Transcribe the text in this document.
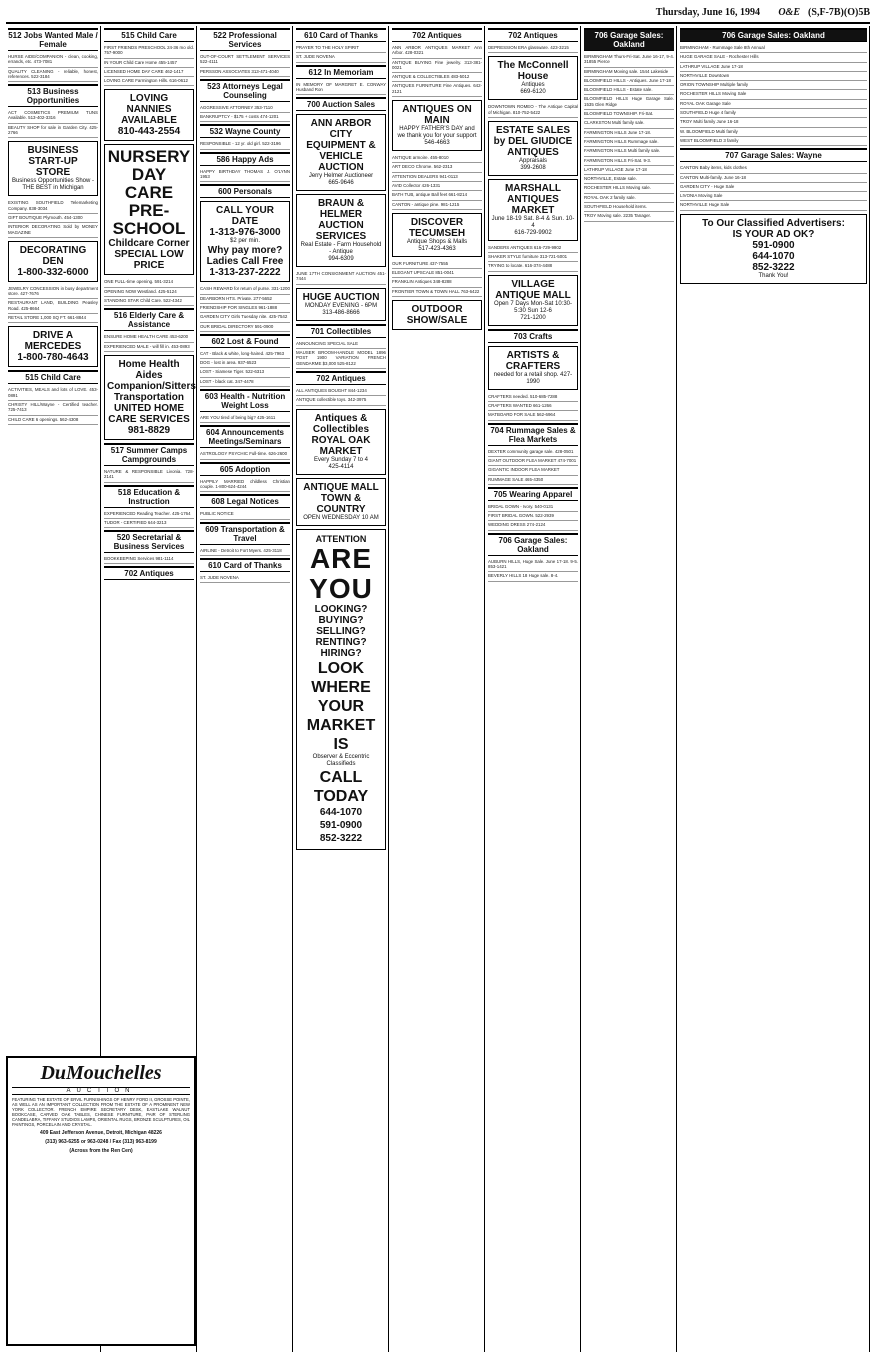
Thursday, June 16, 1994 O&E (S,F-7B)(O)5B
512 Jobs Wanted Male / Female
HURSE AIDE/COMPANION - clean, cooking, errands, etc. 473-7081
QUALITY CLEANING - reliable, honest, references. 522-3184
513 Business Opportunities
ACT COSMETICS PREMIUM TUNS Available. 513-402-3316
BEAUTY SHOP for sale in Garden City. 425-2766
BUSINESS START-UP STORE
Business Opportunities Show - THE BEST in Michigan
EXISTING SOUTHFIELD Telemarketing Company. 838-3034
GIFT BOUTIQUE Plymouth. 454-1300
INTERIOR DECORATING Sold by MONEY MAGAZINE
DECORATING DEN
1-800-332-6000
JEWELRY CONCESSION in busy department store. 427-7676
RESTAURANT LAND, BUILDING Peasley Road. 425-8664
RETAIL STORE 1,000 SQ FT. 661-8844
DRIVE A MERCEDES
1-800-780-4643
515 Child Care
ACTIVITIES, MEALS and lots of LOVE. 453-0891
CHRISTY HILL/Wayne - Certified teacher. 725-7413
CHILD CARE 6 openings. 562-4308
515 Child Care
FIRST FRIENDS PRESCHOOL 24-36 mo old. 757-9000
IN YOUR Child Care Home 455-1457
LICENSED HOME DAY CARE 462-1417
LOVING CARE Farmington Hills. 616-0612
LOVING NANNIES AVAILABLE
810-443-2554
NURSERY DAY CARE PRE-SCHOOL
Childcare Corner
SPECIAL LOW PRICE
ONE FULL-time opening. 591-3214
OPENING NOW Westland. 425-5124
STANDING STAR Child Care. 522-4342
516 Elderly Care & Assistance
ENSURE HOME HEALTH CARE 453-6200
EXPERIENCED MALE - will fill in. 453-0893
Home Health Aides Companion/Sitters Transportation
UNITED HOME CARE SERVICES
981-8829
517 Summer Camps Campgrounds
NATURE & RESPONSIBLE Livonia. 728-2141
518 Education & Instruction
EXPERIENCED Reading Teacher. 425-1764
TUDOR - CERTIFIED 644-3213
520 Secretarial & Business Services
BOOKKEEPING Services 981-1114
702 Antiques
522 Professional Services
OUT-OF-COURT SETTLEMENT SERVICES 522-4111
PERSSON ASSOCIATES 313-471-4040
523 Attorneys Legal Counseling
AGGRESSIVE ATTORNEY 353-7110
BANKRUPTCY - $175 + costs 474-1201
532 Wayne County
RESPONSIBLE - 12 yr. old girl. 522-3196
586 Happy Ads
HAPPY BIRTHDAY THOMAS J. O'LYNN 1953
600 Personals
CALL YOUR DATE
1-313-976-3000
$2 per min.
Why pay more?
Ladies Call Free
1-313-237-2222
CASH REWARD for return of purse. 331-1200
DEARBORN HTS. Private. 277-5652
FRIENDSHIP FOR SINGLES 961-1888
GARDEN CITY Girls Tuesday nite. 425-7542
OUR BRIDAL DIRECTORY 591-0900
602 Lost & Found
CAT - Black & white, long-haired. 425-7963
DOG - lost in area. 937-6523
LOST - Siamese Tiger. 522-6313
LOST - black cat. 347-4478
603 Health - Nutrition Weight Loss
ARE YOU tired of being big? 425-1611
604 Announcements Meetings/Seminars
ASTROLOGY PSYCHIC Full-time. 626-2600
605 Adoption
HAPPILY MARRIED childless Christian couple. 1-800-624-4244
608 Legal Notices
PUBLIC NOTICE
609 Transportation & Travel
AIRLINE - Detroit to Fort Myers. 425-3118
610 Card of Thanks
ST. JUDE NOVENA
610 Card of Thanks
PRAYER TO THE HOLY SPIRIT
ST. JUDE NOVENA
612 In Memoriam
IN MEMORY OF MARGRET E. CONWAY Husband Ron
700 Auction Sales
ANN ARBOR CITY EQUIPMENT & VEHICLE AUCTION
Jerry Helmer Auctioneer
665-9646
BRAUN & HELMER AUCTION SERVICES
Real Estate - Farm Household - Antique
994-6309
JUNE 17TH CONSIGNMENT AUCTION 451-7444
HUGE AUCTION
MONDAY EVENING - 6PM
313-486-8666
701 Collectibles
ANNOUNCING SPECIAL SALE
MAUSER BROOM-HANDLE MODEL 1896 POST 1900 VARIATION FRENCH GENDARME $3,000 525-8122
702 Antiques
ALL ANTIQUES BOUGHT 844-1234
ANTIQUE collectible toys. 342-3975
Antiques & Collectibles ROYAL OAK MARKET
Every Sunday 7 to 4
425-4114
ANTIQUE MALL TOWN & COUNTRY
OPEN WEDNESDAY 10 AM
ATTENTION
ARE
YOU
LOOKING?
BUYING?
SELLING?
RENTING?
HIRING?
LOOK
WHERE
YOUR
MARKET
IS
Observer & Eccentric Classifieds
CALL
TODAY
644-1070
591-0900
852-3222
702 Antiques
ANN ARBOR ANTIQUES MARKET Ann Arbor. 428-0321
ANTIQUE BUYING Fine jewelry. 313-381-0021
ANTIQUE & COLLECTIBLES 483-5012
ANTIQUES FURNITURE Fine Antiques. 642-2121
ANTIQUES ON MAIN
HAPPY FATHER'S DAY and we thank you for your support
546-4663
ANTIQUE armoire. 455-8010
ART DECO Chrome. 562-2313
ATTENTION DEALERS 941-0113
AVID Collector 426-1331
BATH TUB, antique Ball feet 661-8214
CANTON - antique pine. 981-1215
DISCOVER TECUMSEH
Antique Shops & Malls
517-423-4363
OUR FURNITURE 437-7555
ELEGANT UPSCALE 851-0041
FRANKLIN Antiques 348-8288
FRONTIER TOWN & TOWN HALL 763-6422
OUTDOOR SHOW/SALE
702 Antiques
DEPRESSION ERA glassware. 423-3215
The McConnell House
Antiques
669-6120
DOWNTOWN ROMEO - The Antique Capital of Michigan. 810-752-5422
ESTATE SALES by DEL GIUDICE ANTIQUES
Appraisals
399-2608
MARSHALL ANTIQUES MARKET
June 18-19 Sat. 8-4 & Sun. 10-4
616-729-9902
SANDERS ANTIQUES 616-729-9902
SHAKER STYLE furniture 313-721-5001
TRYING to locate. 616-374-4488
VILLAGE ANTIQUE MALL
Open 7 Days Mon-Sat 10:30-5:30 Sun 12-6
721-1200
703 Crafts
ARTISTS & CRAFTERS
needed for a retail shop. 427-1990
CRAFTERS needed. 510-685-7288
CRAFTERS WANTED 661-1266
MATBOARD FOR SALE 562-6964
704 Rummage Sales & Flea Markets
DEXTER community garage sale. 428-0501
GIANT OUTDOOR FLEA MARKET 474-7001
GIGANTIC INDOOR FLEA MARKET
RUMMAGE SALE 465-4350
705 Wearing Apparel
BRIDAL GOWN - Ivory. 540-0131
FIRST BRIDAL GOWN. 522-2939
WEDDING DRESS 274-2124
706 Garage Sales: Oakland
AUBURN HILLS, Huge Sale. June 17-18. 9-5. 853-1421
BEVERLY HILLS 18 Huge sale. 8-4.
706 Garage Sales: Oakland
BIRMINGHAM Thurs-Fri-Sat. June 16-17, 9-4. 31855 Pierce
BIRMINGHAM Moving sale. 1544 Lakeside
BLOOMFIELD HILLS - Antiques. June 17-18
BLOOMFIELD HILLS - Estate sale.
BLOOMFIELD HILLS Huge Garage Sale. 1535 Glen Ridge
BLOOMFIELD TOWNSHIP. Fri-Sat.
CLARKSTON Multi family sale.
FARMINGTON HILLS June 17-18.
FARMINGTON HILLS Rummage sale.
FARMINGTON HILLS Multi family sale.
FARMINGTON HILLS Fri-Sat. 9-3.
LATHRUP VILLAGE June 17-18
NORTHVILLE, Estate sale.
ROCHESTER HILLS Moving sale.
ROYAL OAK 2 family sale.
SOUTHFIELD Household items.
TROY Moving sale. 2235 Tanager.
706 Garage Sales: Oakland
BIRMINGHAM - Rummage Sale 8th Annual
HUGE GARAGE SALE - Rochester Hills
LATHRUP VILLAGE June 17-18
NORTHVILLE Downtown
ORION TOWNSHIP Multiple family
ROCHESTER HILLS Moving Sale
ROYAL OAK Garage Sale
SOUTHFIELD Huge 4 family
TROY Multi family June 16-18
W. BLOOMFIELD Multi family
WEST BLOOMFIELD 3 family
707 Garage Sales: Wayne
CANTON Baby items, kids clothes
CANTON Multi-family. June 16-18
GARDEN CITY - Huge Sale
LIVONIA Moving Sale
NORTHVILLE Huge Sale
To Our Classified Advertisers:
IS YOUR AD OK?
591-0900
644-1070
852-3222
Thank You!
DuMouchelles
AUCTION
FEATURING THE ESTATE OF ERVIL FURNISHINGS OF HENRY FORD II, GROSSE POINTE, AS WELL AS AN IMPORTANT COLLECTION FROM THE ESTATE OF A PROMINENT NEW YORK COLLECTOR. FRENCH EMPIRE SECRETARY DESK, EASTLAKE WALNUT BOOKCASE, CARVED OAK TABLES, CHINESE FURNITURE, PAIR OF STERLING CANDELABRA, TIFFANY STUDIOS LAMPS, ORIENTAL RUGS, BRONZE SCULPTURES, OIL PAINTINGS, PORCELAIN AND CRYSTAL.
409 East Jefferson Avenue, Detroit, Michigan 48226
(313) 963-6255 or 963-0248 / Fax (313) 963-8199
(Across from the Ren Cen)
